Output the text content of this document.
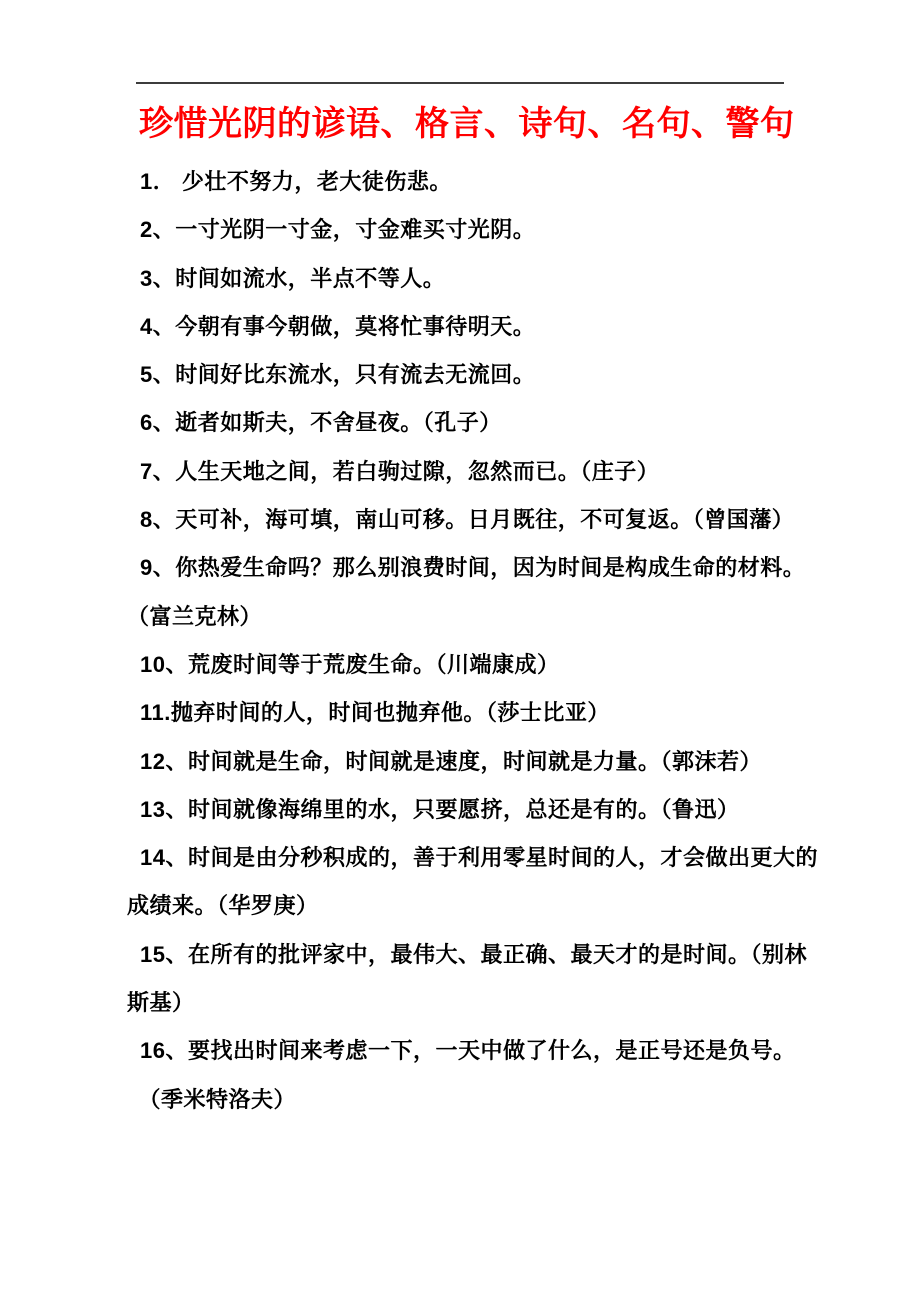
珍惜光阴的谚语、格言、诗句、名句、警句
1． 少壮不努力，老大徒伤悲。
2、一寸光阴一寸金，寸金难买寸光阴。
3、时间如流水，半点不等人。
4、今朝有事今朝做，莫将忙事待明天。
5、时间好比东流水，只有流去无流回。
6、逝者如斯夫，不舍昼夜。（孔子）
7、人生天地之间，若白驹过隙，忽然而已。（庄子）
8、天可补，海可填，南山可移。日月既往，不可复返。（曾国藩）
9、你热爱生命吗？那么别浪费时间，因为时间是构成生命的材料。
（富兰克林）
10、荒废时间等于荒废生命。（川端康成）
11.抛弃时间的人，时间也抛弃他。（莎士比亚）
12、时间就是生命，时间就是速度，时间就是力量。（郭沫若）
13、时间就像海绵里的水，只要愿挤，总还是有的。（鲁迅）
14、时间是由分秒积成的，善于利用零星时间的人，才会做出更大的
成绩来。（华罗庚）
15、在所有的批评家中，最伟大、最正确、最天才的是时间。（别林
斯基）
16、要找出时间来考虑一下，一天中做了什么，是正号还是负号。
　（季米特洛夫）
